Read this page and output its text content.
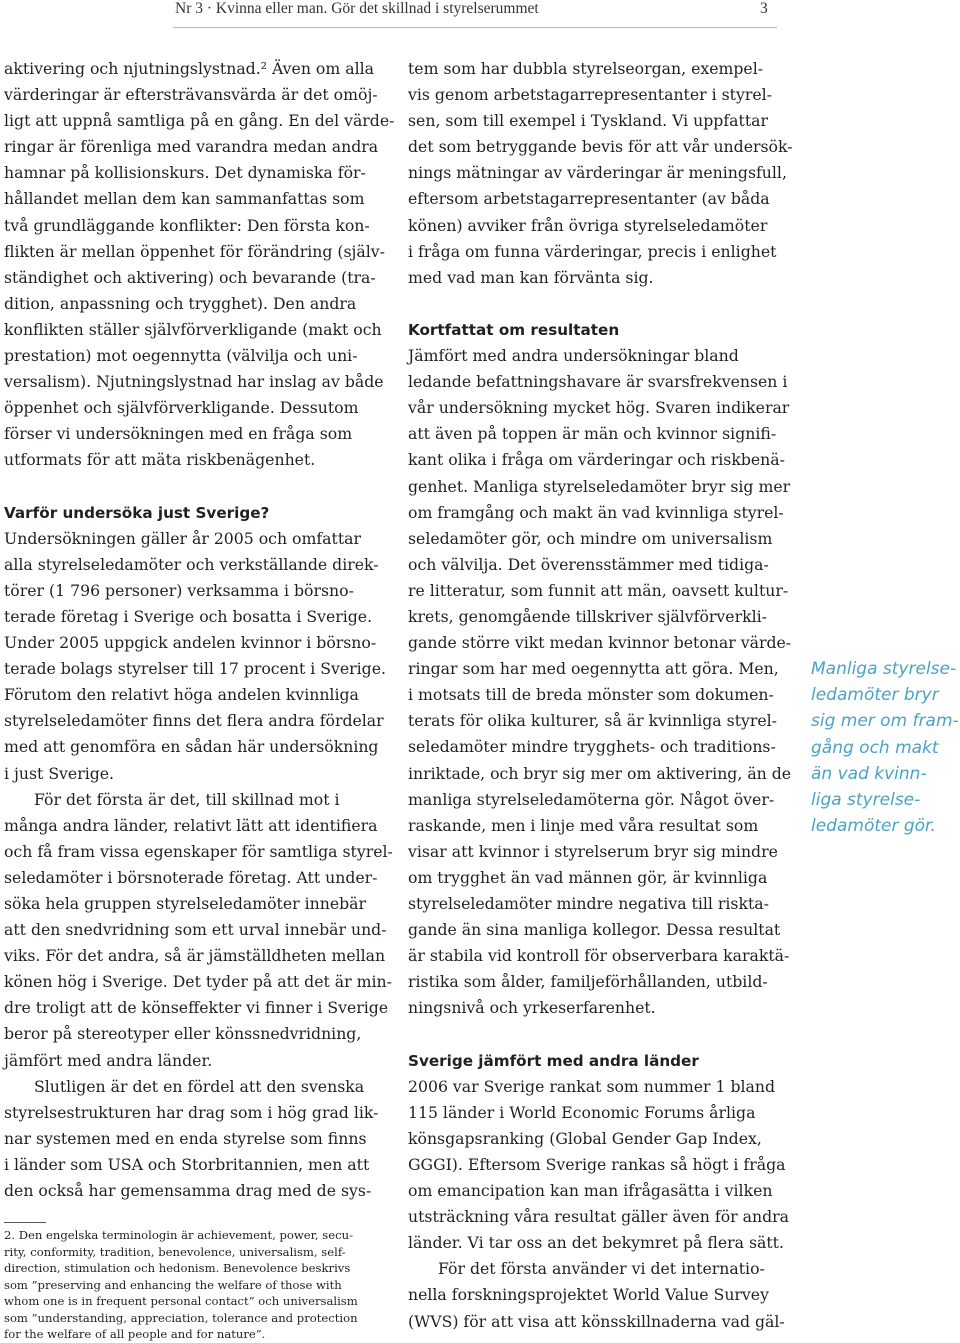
Nr 3 · Kvinna eller man. Gör det skillnad i styrelserummet	3
aktivering och njutningslystnad.² Även om alla
värderingar är eftersträvansvärda är det omöj-
ligt att uppnå samtliga på en gång. En del värde-
ringar är förenliga med varandra medan andra
hamnar på kollisionskurs. Det dynamiska för-
hållandet mellan dem kan sammanfattas som
två grundläggande konflikter: Den första kon-
flikten är mellan öppenhet för förändring (själv-
ständighet och aktivering) och bevarande (tra-
dition, anpassning och trygghet). Den andra
konflikten ställer självförverkligande (makt och
prestation) mot oegennytta (välvilja och uni-
versalism). Njutningslystnad har inslag av både
öppenhet och självförverkligande. Dessutom
förser vi undersökningen med en fråga som
utformats för att mäta riskbenägenhet.
Varför undersöka just Sverige?
Undersökningen gäller år 2005 och omfattar
alla styrelseledamöter och verkställande direk-
törer (1 796 personer) verksamma i börsno-
terade företag i Sverige och bosatta i Sverige.
Under 2005 uppgick andelen kvinnor i börsno-
terade bolags styrelser till 17 procent i Sverige.
Förutom den relativt höga andelen kvinnliga
styrelseledamöter finns det flera andra fördelar
med att genomföra en sådan här undersökning
i just Sverige.
För det första är det, till skillnad mot i
många andra länder, relativt lätt att identifiera
och få fram vissa egenskaper för samtliga styrel-
seledamöter i börsnoterade företag. Att under-
söka hela gruppen styrelseledamöter innebär
att den snedvridning som ett urval innebär und-
viks. För det andra, så är jämställdheten mellan
könen hög i Sverige. Det tyder på att det är min-
dre troligt att de könseffekter vi finner i Sverige
beror på stereotyper eller könssnedvridning,
jämfört med andra länder.
Slutligen är det en fördel att den svenska
styrelsestrukturen har drag som i hög grad lik-
nar systemen med en enda styrelse som finns
i länder som USA och Storbritannien, men att
den också har gemensamma drag med de sys-
2. Den engelska terminologin är achievement, power, secu-
rity, conformity, tradition, benevolence, universalism, self-
direction, stimulation och hedonism. Benevolence beskrivs
som ”preserving and enhancing the welfare of those with
whom one is in frequent personal contact” och universalism
som ”understanding, appreciation, tolerance and protection
for the welfare of all people and for nature”.
tem som har dubbla styrelseorgan, exempel-
vis genom arbetstagarrepresentanter i styrel-
sen, som till exempel i Tyskland. Vi uppfattar
det som betryggande bevis för att vår undersök-
nings mätningar av värderingar är meningsfull,
eftersom arbetstagarrepresentanter (av båda
könen) avviker från övriga styrelseledamöter
i fråga om funna värderingar, precis i enlighet
med vad man kan förvänta sig.
Kortfattat om resultaten
Jämfört med andra undersökningar bland
ledande befattningshavare är svarsfrekvensen i
vår undersökning mycket hög. Svaren indikerar
att även på toppen är män och kvinnor signifi-
kant olika i fråga om värderingar och riskbenä-
genhet. Manliga styrelseledamöter bryr sig mer
om framgång och makt än vad kvinnliga styrel-
seledamöter gör, och mindre om universalism
och välvilja. Det överensstämmer med tidiga-
re litteratur, som funnit att män, oavsett kultur-
krets, genomgående tillskriver självförverkli-
gande större vikt medan kvinnor betonar värde-
ringar som har med oegennytta att göra. Men,
i motsats till de breda mönster som dokumen-
terats för olika kulturer, så är kvinnliga styrel-
seledamöter mindre trygghets- och traditions-
inriktade, och bryr sig mer om aktivering, än de
manliga styrelseledamöterna gör. Något över-
raskande, men i linje med våra resultat som
visar att kvinnor i styrelserum bryr sig mindre
om trygghet än vad männen gör, är kvinnliga
styrelseledamöter mindre negativa till riskta-
gande än sina manliga kollegor. Dessa resultat
är stabila vid kontroll för observerbara karaktä-
ristika som ålder, familjeförhållanden, utbild-
ningsnivå och yrkeserfarenhet.
Sverige jämfört med andra länder
2006 var Sverige rankat som nummer 1 bland
115 länder i World Economic Forums årliga
könsgapsranking (Global Gender Gap Index,
GGGI). Eftersom Sverige rankas så högt i fråga
om emancipation kan man ifrågasätta i vilken
utsträckning våra resultat gäller även för andra
länder. Vi tar oss an det bekymret på flera sätt.
För det första använder vi det internatio-
nella forskningsprojektet World Value Survey
(WVS) för att visa att könsskillnaderna vad gäl-
Manliga styrelse-
ledamöter bryr
sig mer om fram-
gång och makt
än vad kvinn-
liga styrelse-
ledamöter gör.
